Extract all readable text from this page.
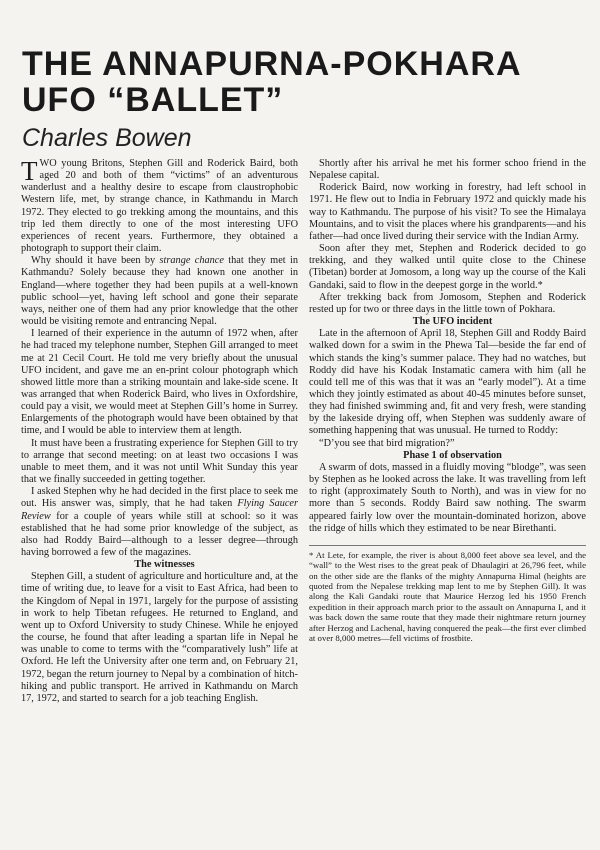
THE ANNAPURNA-POKHARA
UFO “BALLET”
Charles Bowen

TWO young Britons, Stephen Gill and Roderick Baird, both aged 20 and both of them “victims” of an adventurous wanderlust and a healthy desire to escape from claustrophobic Western life, met, by strange chance, in Kathmandu in March 1972. They elected to go trekking among the mountains, and this trip led them directly to one of the most interesting UFO experiences of recent years. Furthermore, they obtained a photograph to support their claim.

Why should it have been by strange chance that they met in Kathmandu? Solely because they had known one another in England—where together they had been pupils at a well-known public school—yet, having left school and gone their separate ways, neither one of them had any prior knowledge that the other would be visiting remote and entrancing Nepal.

I learned of their experience in the autumn of 1972 when, after he had traced my telephone number, Stephen Gill arranged to meet me at 21 Cecil Court. He told me very briefly about the unusual UFO incident, and gave me an en-print colour photograph which showed little more than a striking mountain and lake-side scene. It was arranged that when Roderick Baird, who lives in Oxfordshire, could pay a visit, we would meet at Stephen Gill’s home in Surrey. Enlargements of the photograph would have been obtained by that time, and I would be able to interview them at length.

It must have been a frustrating experience for Stephen Gill to try to arrange that second meeting: on at least two occasions I was unable to meet them, and it was not until Whit Sunday this year that we finally succeeded in getting together.

I asked Stephen why he had decided in the first place to seek me out. His answer was, simply, that he had taken Flying Saucer Review for a couple of years while still at school: so it was established that he had some prior knowledge of the subject, as also had Roddy Baird—although to a lesser degree—through having borrowed a few of the magazines.

The witnesses

Stephen Gill, a student of agriculture and horticulture and, at the time of writing due, to leave for a visit to East Africa, had been to the Kingdom of Nepal in 1971, largely for the purpose of assisting in work to help Tibetan refugees. He returned to England, and went up to Oxford University to study Chinese. While he enjoyed the course, he found that after leading a spartan life in Nepal he was unable to come to terms with the “comparatively lush” life at Oxford. He left the University after one term and, on February 21, 1972, began the return journey to Nepal by a combination of hitch-hiking and public transport. He arrived in Kathmandu on March 17, 1972, and started to search for a job teaching English.

Shortly after his arrival he met his former schoo friend in the Nepalese capital.

Roderick Baird, now working in forestry, had left school in 1971. He flew out to India in February 1972 and quickly made his way to Kathmandu. The purpose of his visit? To see the Himalaya Mountains, and to visit the places where his grandparents—and his father—had once lived during their service with the Indian Army.

Soon after they met, Stephen and Roderick decided to go trekking, and they walked until quite close to the Chinese (Tibetan) border at Jomosom, a long way up the course of the Kali Gandaki, said to flow in the deepest gorge in the world.*

After trekking back from Jomosom, Stephen and Roderick rested up for two or three days in the little town of Pokhara.

The UFO incident

Late in the afternoon of April 18, Stephen Gill and Roddy Baird walked down for a swim in the Phewa Tal—beside the far end of which stands the king’s summer palace. They had no watches, but Roddy did have his Kodak Instamatic camera with him (all he could tell me of this was that it was an “early model”). At a time which they jointly estimated as about 40-45 minutes before sunset, they had finished swimming and, fit and very fresh, were standing by the lakeside drying off, when Stephen was suddenly aware of something happening that was unusual. He turned to Roddy:

“D’you see that bird migration?”

Phase 1 of observation

A swarm of dots, massed in a fluidly moving “blodge”, was seen by Stephen as he looked across the lake. It was travelling from left to right (approximately South to North), and was in view for no more than 5 seconds. Roddy Baird saw nothing. The swarm appeared fairly low over the mountain-dominated horizon, above the ridge of hills which they estimated to be near Birethanti.

* At Lete, for example, the river is about 8,000 feet above sea level, and the “wall” to the West rises to the great peak of Dhaulagiri at 26,796 feet, while on the other side are the flanks of the mighty Annapurna Himal (heights are quoted from the Nepalese trekking map lent to me by Stephen Gill). It was along the Kali Gandaki route that Maurice Herzog led his 1950 French expedition in their approach march prior to the assault on Annapurna I, and it was back down the same route that they made their nightmare return journey after Herzog and Lachenal, having conquered the peak—the first ever climbed at over 8,000 metres—fell victims of frostbite.
